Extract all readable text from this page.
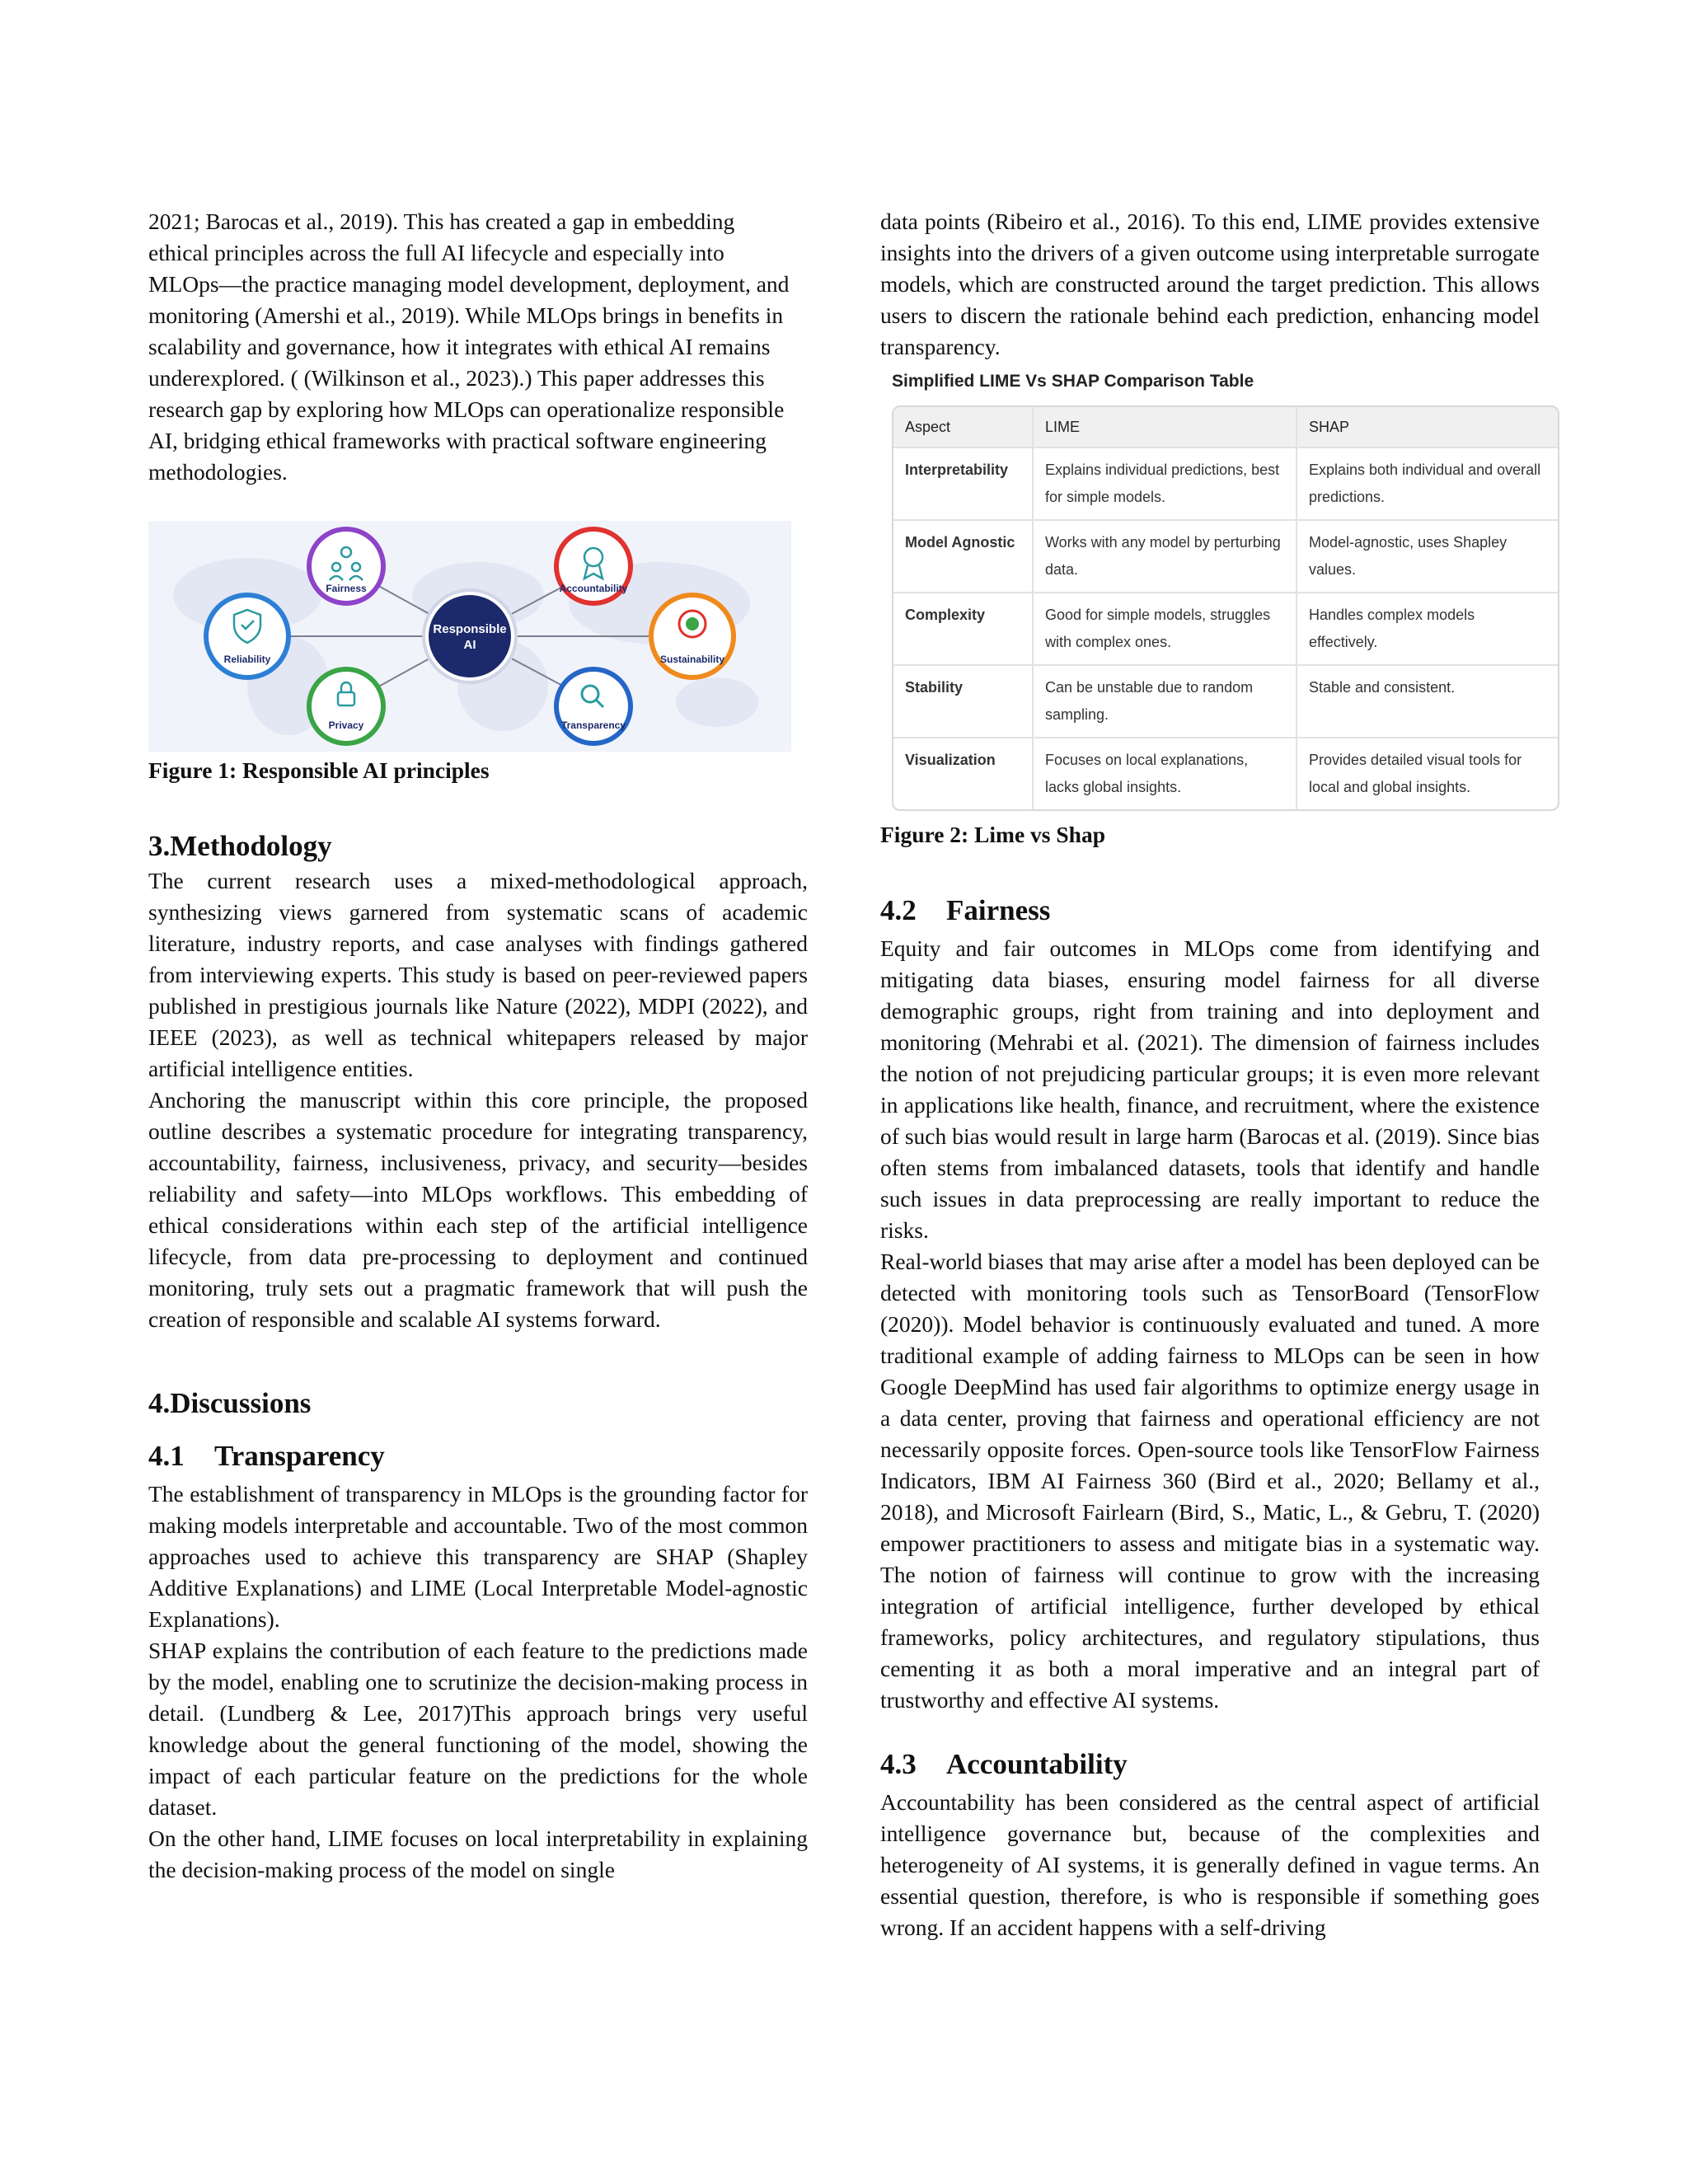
2021; Barocas et al., 2019). This has created a gap in embedding ethical principles across the full AI lifecycle and especially into MLOps—the practice managing model development, deployment, and monitoring (Amershi et al., 2019). While MLOps brings in benefits in scalability and governance, how it integrates with ethical AI remains underexplored. ( (Wilkinson et al., 2023).) This paper addresses this research gap by exploring how MLOps can operationalize responsible AI, bridging ethical frameworks with practical software engineering methodologies.

Responsible
AI
Fairness	Accountability
Reliability	Sustainability
Privacy	Transparency
Figure 1: Responsible AI principles
3.Methodology

The current research uses a mixed-methodological approach, synthesizing views garnered from systematic scans of academic literature, industry reports, and case analyses with findings gathered from interviewing experts. This study is based on peer-reviewed papers published in prestigious journals like Nature (2022), MDPI (2022), and IEEE (2023), as well as technical whitepapers released by major artificial intelligence entities.

Anchoring the manuscript within this core principle, the proposed outline describes a systematic procedure for integrating transparency, accountability, fairness, inclusiveness, privacy, and security—besides reliability and safety—into MLOps workflows. This embedding of ethical considerations within each step of the artificial intelligence lifecycle, from data pre-processing to deployment and continued monitoring, truly sets out a pragmatic framework that will push the creation of responsible and scalable AI systems forward.

4.Discussions
4.1	Transparency

The establishment of transparency in MLOps is the grounding factor for making models interpretable and accountable. Two of the most common approaches used to achieve this transparency are SHAP (Shapley Additive Explanations) and LIME (Local Interpretable Model-agnostic Explanations).

SHAP explains the contribution of each feature to the predictions made by the model, enabling one to scrutinize the decision-making process in detail. (Lundberg & Lee, 2017)This approach brings very useful knowledge about the general functioning of the model, showing the impact of each particular feature on the predictions for the whole dataset.

On the other hand, LIME focuses on local interpretability in explaining the decision-making process of the model on single

data points (Ribeiro et al., 2016). To this end, LIME provides extensive insights into the drivers of a given outcome using interpretable surrogate models, which are constructed around the target prediction. This allows users to discern the rationale behind each prediction, enhancing model transparency.

Simplified LIME Vs SHAP Comparison Table
Aspect	LIME	SHAP
Interpretability	Explains individual predictions, best for simple models.	Explains both individual and overall predictions.
Model Agnostic	Works with any model by perturbing data.	Model-agnostic, uses Shapley values.
Complexity	Good for simple models, struggles with complex ones.	Handles complex models effectively.
Stability	Can be unstable due to random sampling.	Stable and consistent.
Visualization	Focuses on local explanations, lacks global insights.	Provides detailed visual tools for local and global insights.
Figure 2: Lime vs Shap
4.2	Fairness

Equity and fair outcomes in MLOps come from identifying and mitigating data biases, ensuring model fairness for all diverse demographic groups, right from training and into deployment and monitoring (Mehrabi et al. (2021). The dimension of fairness includes the notion of not prejudicing particular groups; it is even more relevant in applications like health, finance, and recruitment, where the existence of such bias would result in large harm (Barocas et al. (2019). Since bias often stems from imbalanced datasets, tools that identify and handle such issues in data preprocessing are really important to reduce the risks.

Real-world biases that may arise after a model has been deployed can be detected with monitoring tools such as TensorBoard (TensorFlow (2020)). Model behavior is continuously evaluated and tuned. A more traditional example of adding fairness to MLOps can be seen in how Google DeepMind has used fair algorithms to optimize energy usage in a data center, proving that fairness and operational efficiency are not necessarily opposite forces. Open-source tools like TensorFlow Fairness Indicators, IBM AI Fairness 360 (Bird et al., 2020; Bellamy et al., 2018), and Microsoft Fairlearn (Bird, S., Matic, L., & Gebru, T. (2020) empower practitioners to assess and mitigate bias in a systematic way. The notion of fairness will continue to grow with the increasing integration of artificial intelligence, further developed by ethical frameworks, policy architectures, and regulatory stipulations, thus cementing it as both a moral imperative and an integral part of trustworthy and effective AI systems.

4.3	Accountability

Accountability has been considered as the central aspect of artificial intelligence governance but, because of the complexities and heterogeneity of AI systems, it is generally defined in vague terms. An essential question, therefore, is who is responsible if something goes wrong. If an accident happens with a self-driving
